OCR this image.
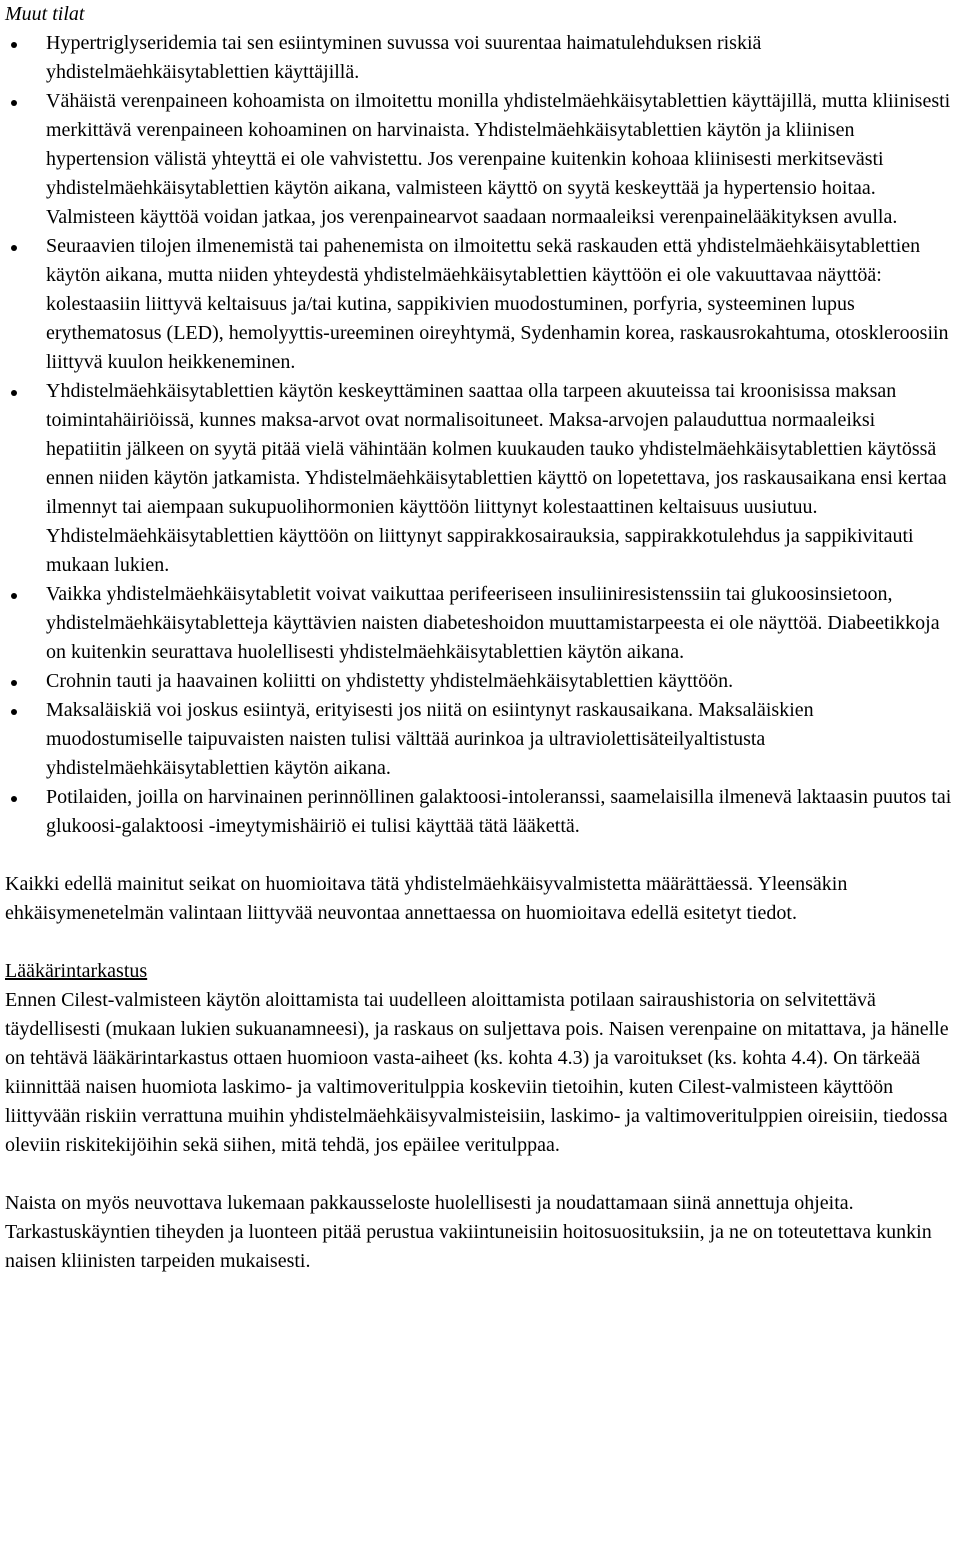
Muut tilat
Hypertriglyseridemia tai sen esiintyminen suvussa voi suurentaa haimatulehduksen riskiä yhdistelmäehkäisytablettien käyttäjillä.
Vähäistä verenpaineen kohoamista on ilmoitettu monilla yhdistelmäehkäisytablettien käyttäjillä, mutta kliinisesti merkittävä verenpaineen kohoaminen on harvinaista. Yhdistelmäehkäisytablettien käytön ja kliinisen hypertension välistä yhteyttä ei ole vahvistettu. Jos verenpaine kuitenkin kohoaa kliinisesti merkitsevästi yhdistelmäehkäisytablettien käytön aikana, valmisteen käyttö on syytä keskeyttää ja hypertensio hoitaa. Valmisteen käyttöä voidan jatkaa, jos verenpainearvot saadaan normaaleiksi verenpainelääkityksen avulla.
Seuraavien tilojen ilmenemistä tai pahenemista on ilmoitettu sekä raskauden että yhdistelmäehkäisytablettien käytön aikana, mutta niiden yhteydestä yhdistelmäehkäisytablettien käyttöön ei ole vakuuttavaa näyttöä: kolestaasiin liittyvä keltaisuus ja/tai kutina, sappikivien muodostuminen, porfyria, systeeminen lupus erythematosus (LED), hemolyyttis-ureeminen oireyhtymä, Sydenhamin korea, raskausrokahtuma, otoskleroosiin liittyvä kuulon heikkeneminen.
Yhdistelmäehkäisytablettien käytön keskeyttäminen saattaa olla tarpeen akuuteissa tai kroonisissa maksan toimintahäiriöissä, kunnes maksa-arvot ovat normalisoituneet. Maksa-arvojen palauduttua normaaleiksi hepatiitin jälkeen on syytä pitää vielä vähintään kolmen kuukauden tauko yhdistelmäehkäisytablettien käytössä ennen niiden käytön jatkamista. Yhdistelmäehkäisytablettien käyttö on lopetettava, jos raskausaikana ensi kertaa ilmennyt tai aiempaan sukupuolihormonien käyttöön liittynyt kolestaattinen keltaisuus uusiutuu. Yhdistelmäehkäisytablettien käyttöön on liittynyt sappirakkosairauksia, sappirakkotulehdus ja sappikivitauti mukaan lukien.
Vaikka yhdistelmäehkäisytabletit voivat vaikuttaa perifeeriseen insuliiniresistenssiin tai glukoosinsietoon, yhdistelmäehkäisytabletteja käyttävien naisten diabeteshoidon muuttamistarpeesta ei ole näyttöä. Diabeetikkoja on kuitenkin seurattava huolellisesti yhdistelmäehkäisytablettien käytön aikana.
Crohnin tauti ja haavainen koliitti on yhdistetty yhdistelmäehkäisytablettien käyttöön.
Maksaläiskiä voi joskus esiintyä, erityisesti jos niitä on esiintynyt raskausaikana. Maksaläiskien muodostumiselle taipuvaisten naisten tulisi välttää aurinkoa ja ultraviolettisäteilyaltistusta yhdistelmäehkäisytablettien käytön aikana.
Potilaiden, joilla on harvinainen perinnöllinen galaktoosi-intoleranssi, saamelaisilla ilmenevä laktaasin puutos tai glukoosi-galaktoosi -imeytymishäiriö ei tulisi käyttää tätä lääkettä.

Kaikki edellä mainitut seikat on huomioitava tätä yhdistelmäehkäisyvalmistetta määrättäessä. Yleensäkin ehkäisymenetelmän valintaan liittyvää neuvontaa annettaessa on huomioitava edellä esitetyt tiedot.

Lääkärintarkastus

Ennen Cilest-valmisteen käytön aloittamista tai uudelleen aloittamista potilaan sairaushistoria on selvitettävä täydellisesti (mukaan lukien sukuanamneesi), ja raskaus on suljettava pois. Naisen verenpaine on mitattava, ja hänelle on tehtävä lääkärintarkastus ottaen huomioon vasta-aiheet (ks. kohta 4.3) ja varoitukset (ks. kohta 4.4). On tärkeää kiinnittää naisen huomiota laskimo- ja valtimoveritulppia koskeviin tietoihin, kuten Cilest-valmisteen käyttöön liittyvään riskiin verrattuna muihin yhdistelmäehkäisyvalmisteisiin, laskimo- ja valtimoveritulppien oireisiin, tiedossa oleviin riskitekijöihin sekä siihen, mitä tehdä, jos epäilee veritulppaa.

Naista on myös neuvottava lukemaan pakkausseloste huolellisesti ja noudattamaan siinä annettuja ohjeita. Tarkastuskäyntien tiheyden ja luonteen pitää perustua vakiintuneisiin hoitosuosituksiin, ja ne on toteutettava kunkin naisen kliinisten tarpeiden mukaisesti.
